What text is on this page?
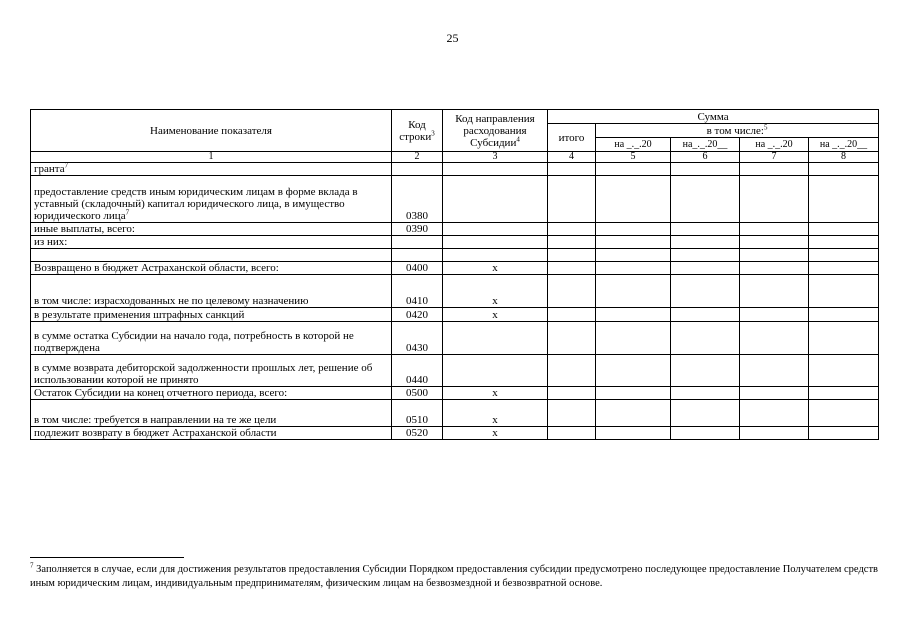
25
Наименование показателя	Код строки$^3$	Код направления расходования Субсидии$^4$	Сумма				
			итого	в том числе:$^5$
				на _._.20	на_._.20__	на _._.20	на _._.20__
1	2	3	4	5	6	7	8
гранта$^7$							
предоставление средств иным юридическим лицам в форме вклада в уставный (складочный) капитал юридического лица, в имущество юридического лица$^7$	0380						
иные выплаты, всего:	0390						
из них:							

Возвращено в бюджет Астраханской области, всего:	0400	x					
в том числе: израсходованных не по целевому назначению	0410	x					
в результате применения штрафных санкций	0420	x					
в сумме остатка Субсидии на начало года, потребность в которой не подтверждена	0430						
в сумме возврата дебиторской задолженности прошлых лет, решение об использовании которой не принято	0440						
Остаток Субсидии на конец отчетного периода, всего:	0500	x					
в том числе: требуется в направлении на те же цели	0510	x					
подлежит возврату в бюджет Астраханской области	0520	x					
$^7$ Заполняется в случае, если для достижения результатов предоставления Субсидии Порядком предоставления субсидии предусмотрено последующее предоставление Получателем средств иным юридическим лицам, индивидуальным предпринимателям, физическим лицам на безвозмездной и безвозвратной основе.
